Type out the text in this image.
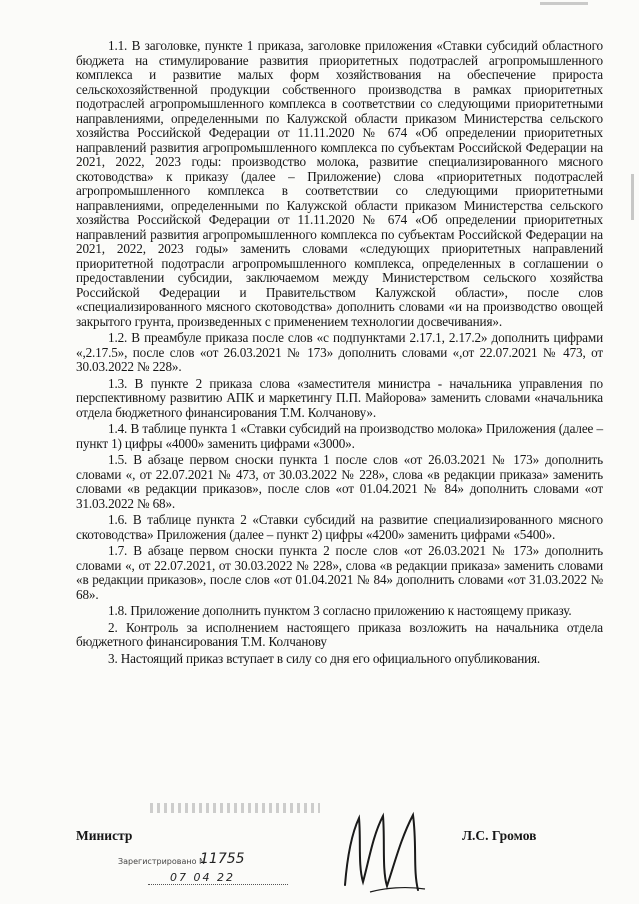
1.1. В заголовке, пункте 1 приказа, заголовке приложения «Ставки субсидий областного бюджета на стимулирование развития приоритетных подотраслей агропромышленного комплекса и развитие малых форм хозяйствования на обеспечение прироста сельскохозяйственной продукции собственного производства в рамках приоритетных подотраслей агропромышленного комплекса в соответствии со следующими приоритетными направлениями, определенными по Калужской области приказом Министерства сельского хозяйства Российской Федерации от 11.11.2020 № 674 «Об определении приоритетных направлений развития агропромышленного комплекса по субъектам Российской Федерации на 2021, 2022, 2023 годы: производство молока, развитие специализированного мясного скотоводства» к приказу (далее – Приложение) слова «приоритетных подотраслей агропромышленного комплекса в соответствии со следующими приоритетными направлениями, определенными по Калужской области приказом Министерства сельского хозяйства Российской Федерации от 11.11.2020 № 674 «Об определении приоритетных направлений развития агропромышленного комплекса по субъектам Российской Федерации на 2021, 2022, 2023 годы» заменить словами «следующих приоритетных направлений приоритетной подотрасли агропромышленного комплекса, определенных в соглашении о предоставлении субсидии, заключаемом между Министерством сельского хозяйства Российской Федерации и Правительством Калужской области», после слов «специализированного мясного скотоводства» дополнить словами «и на производство овощей закрытого грунта, произведенных с применением технологии досвечивания».

1.2. В преамбуле приказа после слов «с подпунктами 2.17.1, 2.17.2» дополнить цифрами «,2.17.5», после слов «от 26.03.2021 № 173» дополнить словами «,от 22.07.2021 № 473, от 30.03.2022 № 228».

1.3. В пункте 2 приказа слова «заместителя министра - начальника управления по перспективному развитию АПК и маркетингу П.П. Майорова» заменить словами «начальника отдела бюджетного финансирования Т.М. Колчанову».

1.4. В таблице пункта 1 «Ставки субсидий на производство молока» Приложения (далее – пункт 1) цифры «4000» заменить цифрами «3000».

1.5. В абзаце первом сноски пункта 1 после слов «от 26.03.2021 № 173» дополнить словами «, от 22.07.2021 № 473, от 30.03.2022 № 228», слова «в редакции приказа» заменить словами «в редакции приказов», после слов «от 01.04.2021 № 84» дополнить словами «от 31.03.2022 № 68».

1.6. В таблице пункта 2 «Ставки субсидий на развитие специализированного мясного скотоводства» Приложения (далее – пункт 2) цифры «4200» заменить цифрами «5400».

1.7. В абзаце первом сноски пункта 2 после слов «от 26.03.2021 № 173» дополнить словами «, от 22.07.2021, от 30.03.2022 № 228», слова «в редакции приказа» заменить словами «в редакции приказов», после слов «от 01.04.2021 № 84» дополнить словами «от 31.03.2022 № 68».

1.8. Приложение дополнить пунктом 3 согласно приложению к настоящему приказу.

2. Контроль за исполнением настоящего приказа возложить на начальника отдела бюджетного финансирования Т.М. Колчанову

3. Настоящий приказ вступает в силу со дня его официального опубликования.

Министр	Л.С. Громов
Зарегистрировано N
11755
07 04 22
